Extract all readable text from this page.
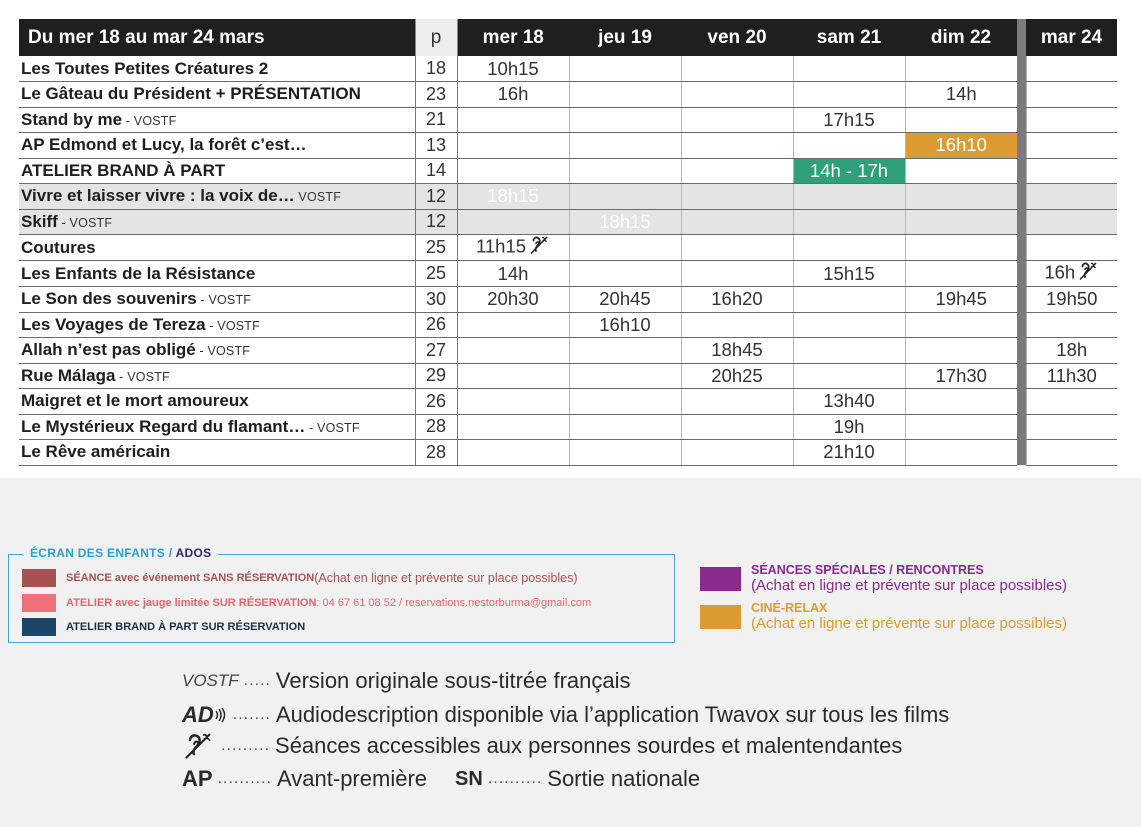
Du mer 18 au mar 24 mars	p	mer 18	jeu 19	ven 20	sam 21	dim 22		mar 24
Les Toutes Petites Créatures 2	18	10h15						
Le Gâteau du Président + PRÉSENTATION	23	16h				14h		
Stand by me - VOSTF	21				17h15			
AP Edmond et Lucy, la forêt c’est…	13					16h10		
ATELIER BRAND À PART	14				14h - 17h			
Vivre et laisser vivre : la voix de… VOSTF	12	18h15						
Skiff - VOSTF	12		18h15					
Coutures	25	11h15						
Les Enfants de la Résistance	25	14h			15h15			16h
Le Son des souvenirs - VOSTF	30	20h30	20h45	16h20		19h45		19h50
Les Voyages de Tereza - VOSTF	26		16h10					
Allah n’est pas obligé - VOSTF	27			18h45				18h
Rue Málaga - VOSTF	29			20h25		17h30		11h30
Maigret et le mort amoureux	26				13h40			
Le Mystérieux Regard du flamant… - VOSTF	28				19h			
Le Rêve américain	28				21h10			
ÉCRAN DES ENFANTS / ADOS
SÉANCE avec événement SANS RÉSERVATION (Achat en ligne et prévente sur place possibles)
ATELIER avec jauge limitée SUR RÉSERVATION : 04 67 61 08 52 / reservations.nestorburma@gmail.com
ATELIER BRAND À PART SUR RÉSERVATION
SÉANCES SPÉCIALES / RENCONTRES
(Achat en ligne et prévente sur place possibles)
CINÉ-RELAX
(Achat en ligne et prévente sur place possibles)
VOSTF ..... Version originale sous-titrée français
AD ....... Audiodescription disponible via l’application Twavox sur tous les films
......... Séances accessibles aux personnes sourdes et malentendantes
AP .......... Avant-première SN .......... Sortie nationale
